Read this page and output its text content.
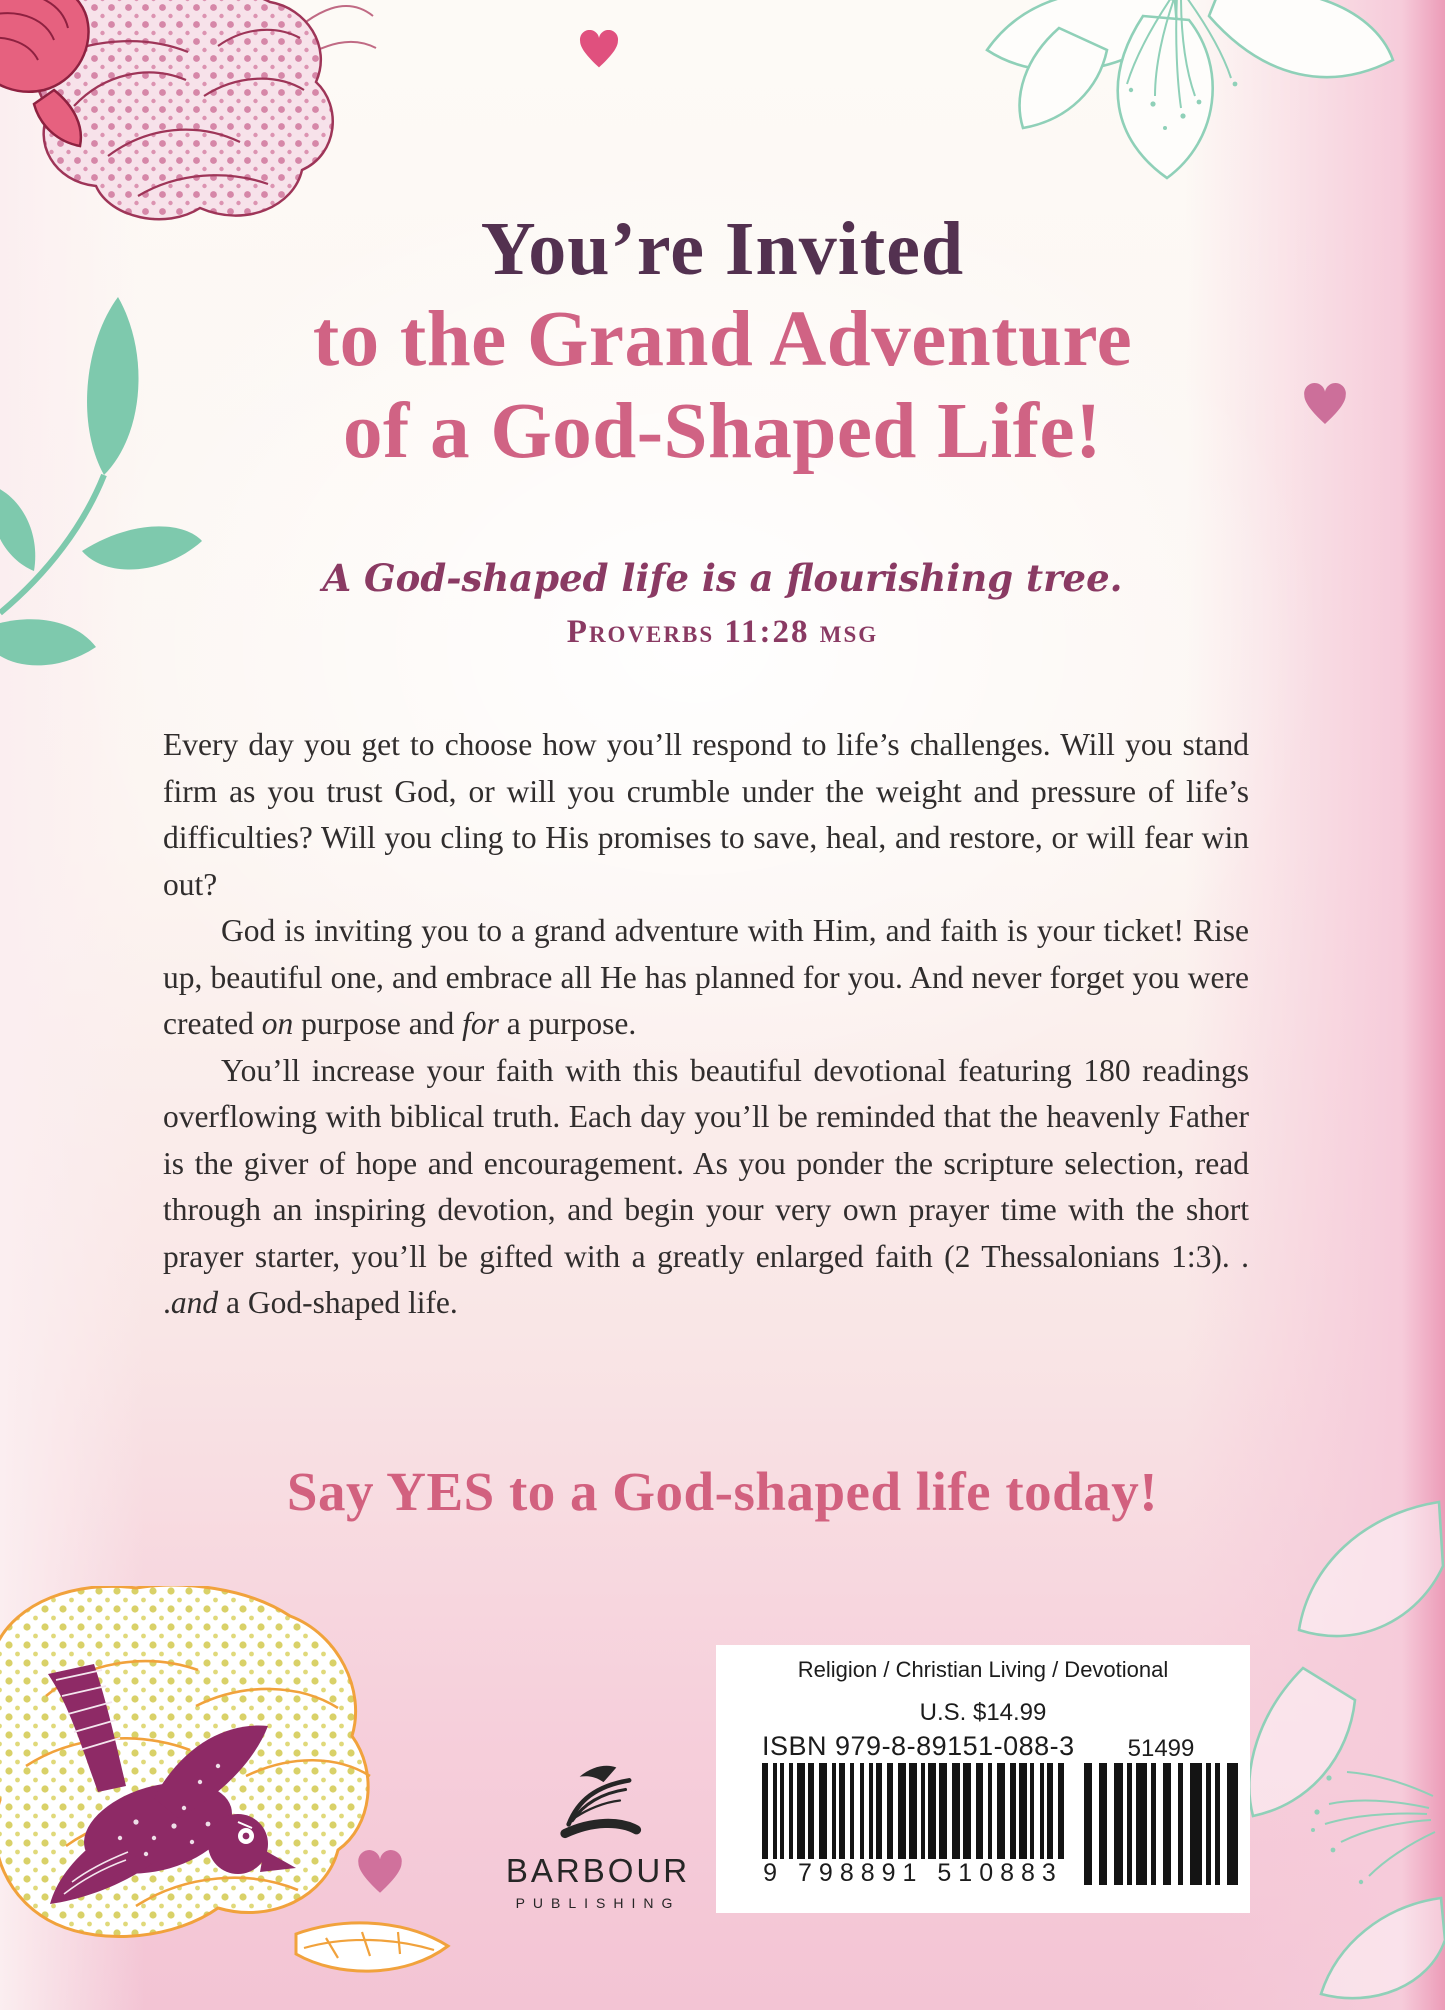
You’re Invited
to the Grand Adventure
of a God-Shaped Life!
A God-shaped life is a flourishing tree.
Proverbs 11:28 msg

Every day you get to choose how you’ll respond to life’s challenges. Will you stand firm as you trust God, or will you crumble under the weight and pressure of life’s difficulties? Will you cling to His promises to save, heal, and restore, or will fear win out?

God is inviting you to a grand adventure with Him, and faith is your ticket! Rise up, beautiful one, and embrace all He has planned for you. And never forget you were created on purpose and for a purpose.

You’ll increase your faith with this beautiful devotional featuring 180 readings overflowing with biblical truth. Each day you’ll be reminded that the heavenly Father is the giver of hope and encouragement. As you ponder the scripture selection, read through an inspiring devotion, and begin your very own prayer time with the short prayer starter, you’ll be gifted with a greatly enlarged faith (2 Thessalonians 1:3). . .and a God-shaped life.

Say YES to a God-shaped life today!
BARBOUR
PUBLISHING
Religion / Christian Living / Devotional
U.S. $14.99
ISBN 979-8-89151-088-3
9 798891 510883
51499
